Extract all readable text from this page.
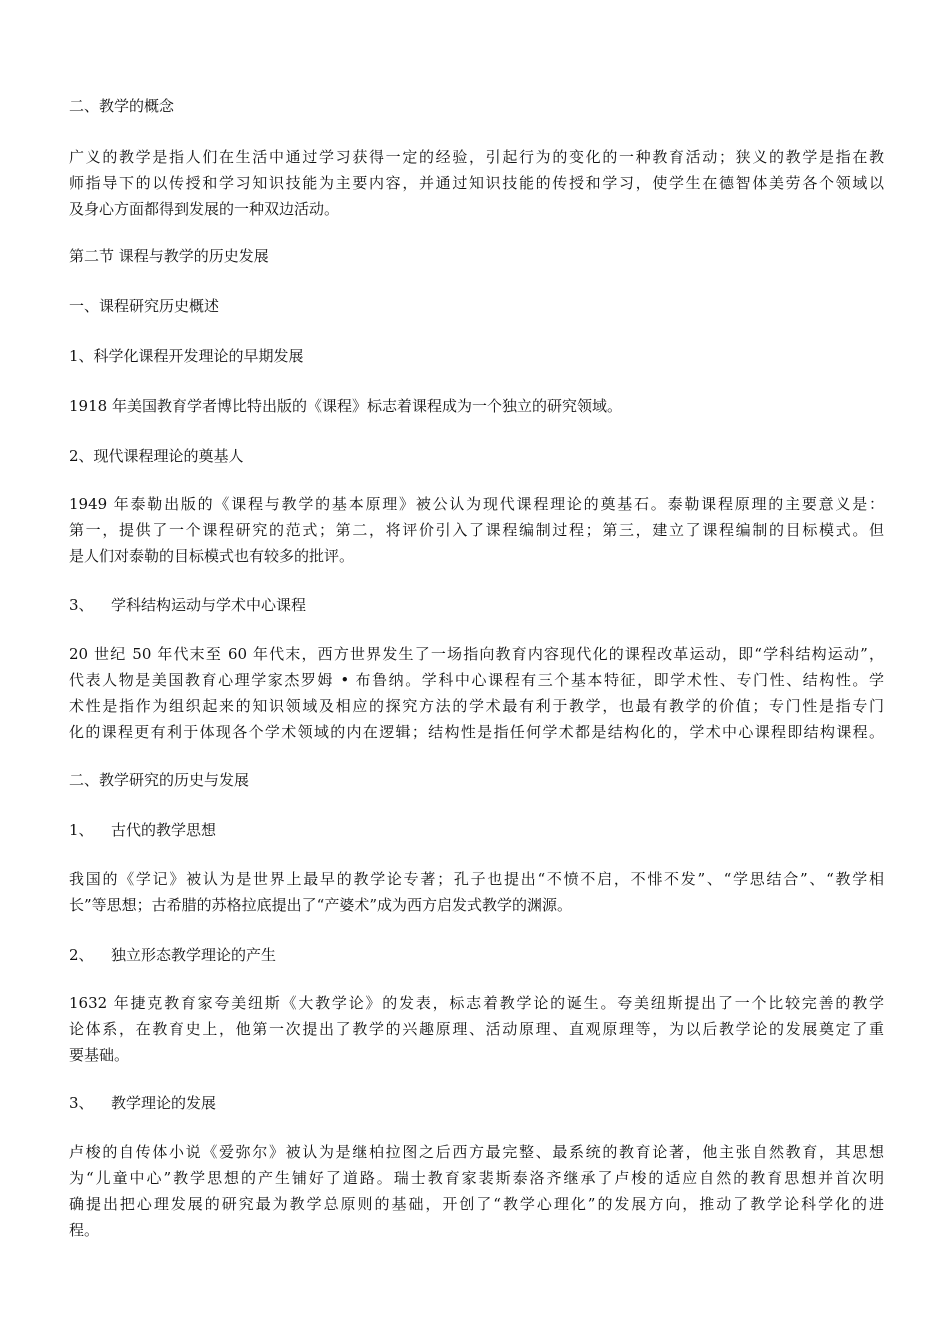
二、教学的概念
广义的教学是指人们在生活中通过学习获得一定的经验，引起行为的变化的一种教育活动；狭义的教学是指在教
师指导下的以传授和学习知识技能为主要内容，并通过知识技能的传授和学习，使学生在德智体美劳各个领域以
及身心方面都得到发展的一种双边活动。
第二节 课程与教学的历史发展
一、课程研究历史概述
1、科学化课程开发理论的早期发展
1918 年美国教育学者博比特出版的《课程》标志着课程成为一个独立的研究领域。
2、现代课程理论的奠基人
1949 年泰勒出版的《课程与教学的基本原理》被公认为现代课程理论的奠基石。泰勒课程原理的主要意义是：
第一，提供了一个课程研究的范式；第二，将评价引入了课程编制过程；第三，建立了课程编制的目标模式。但
是人们对泰勒的目标模式也有较多的批评。
3、 学科结构运动与学术中心课程
20 世纪 50 年代末至 60 年代末，西方世界发生了一场指向教育内容现代化的课程改革运动，即“学科结构运动”，
代表人物是美国教育心理学家杰罗姆 • 布鲁纳。学科中心课程有三个基本特征，即学术性、专门性、结构性。学
术性是指作为组织起来的知识领域及相应的探究方法的学术最有利于教学，也最有教学的价值；专门性是指专门
化的课程更有利于体现各个学术领域的内在逻辑；结构性是指任何学术都是结构化的，学术中心课程即结构课程。
二、教学研究的历史与发展
1、 古代的教学思想
我国的《学记》被认为是世界上最早的教学论专著；孔子也提出“不愤不启，不悱不发”、“学思结合”、“教学相
长”等思想；古希腊的苏格拉底提出了“产婆术”成为西方启发式教学的渊源。
2、 独立形态教学理论的产生
1632 年捷克教育家夸美纽斯《大教学论》的发表，标志着教学论的诞生。夸美纽斯提出了一个比较完善的教学
论体系，在教育史上，他第一次提出了教学的兴趣原理、活动原理、直观原理等，为以后教学论的发展奠定了重
要基础。
3、 教学理论的发展
卢梭的自传体小说《爱弥尔》被认为是继柏拉图之后西方最完整、最系统的教育论著，他主张自然教育，其思想
为“儿童中心”教学思想的产生铺好了道路。瑞士教育家裴斯泰洛齐继承了卢梭的适应自然的教育思想并首次明
确提出把心理发展的研究最为教学总原则的基础，开创了“教学心理化”的发展方向，推动了教学论科学化的进
程。
